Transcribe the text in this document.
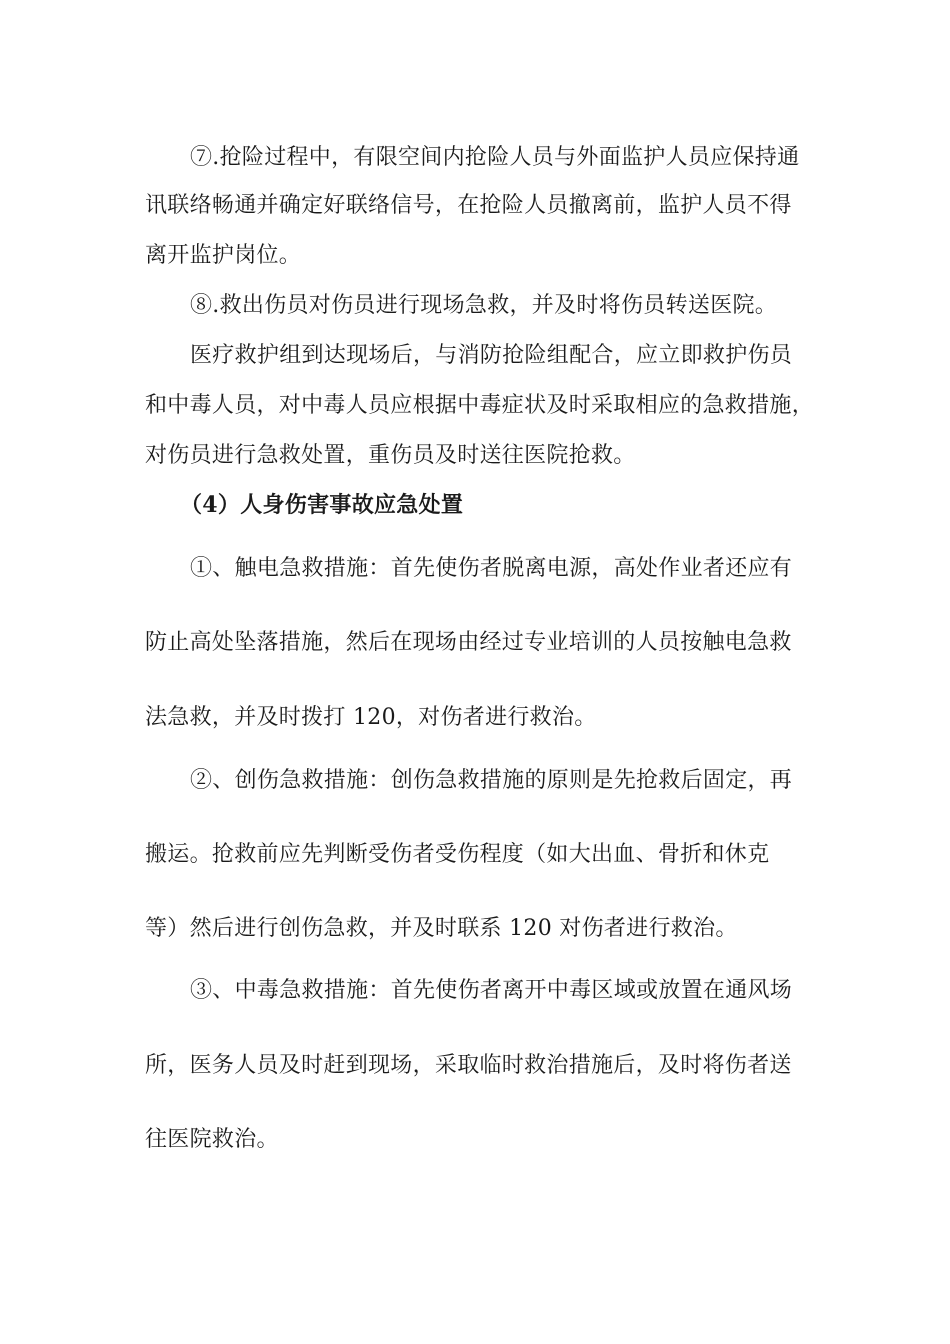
⑦.抢险过程中，有限空间内抢险人员与外面监护人员应保持通
讯联络畅通并确定好联络信号，在抢险人员撤离前，监护人员不得
离开监护岗位。
⑧.救出伤员对伤员进行现场急救，并及时将伤员转送医院。
医疗救护组到达现场后，与消防抢险组配合，应立即救护伤员
和中毒人员，对中毒人员应根据中毒症状及时采取相应的急救措施，
对伤员进行急救处置，重伤员及时送往医院抢救。
（4）人身伤害事故应急处置
①、触电急救措施：首先使伤者脱离电源，高处作业者还应有
防止高处坠落措施，然后在现场由经过专业培训的人员按触电急救
法急救，并及时拨打 120，对伤者进行救治。
②、创伤急救措施：创伤急救措施的原则是先抢救后固定，再
搬运。抢救前应先判断受伤者受伤程度（如大出血、骨折和休克
等）然后进行创伤急救，并及时联系 120 对伤者进行救治。
③、中毒急救措施：首先使伤者离开中毒区域或放置在通风场
所，医务人员及时赶到现场，采取临时救治措施后，及时将伤者送
往医院救治。
